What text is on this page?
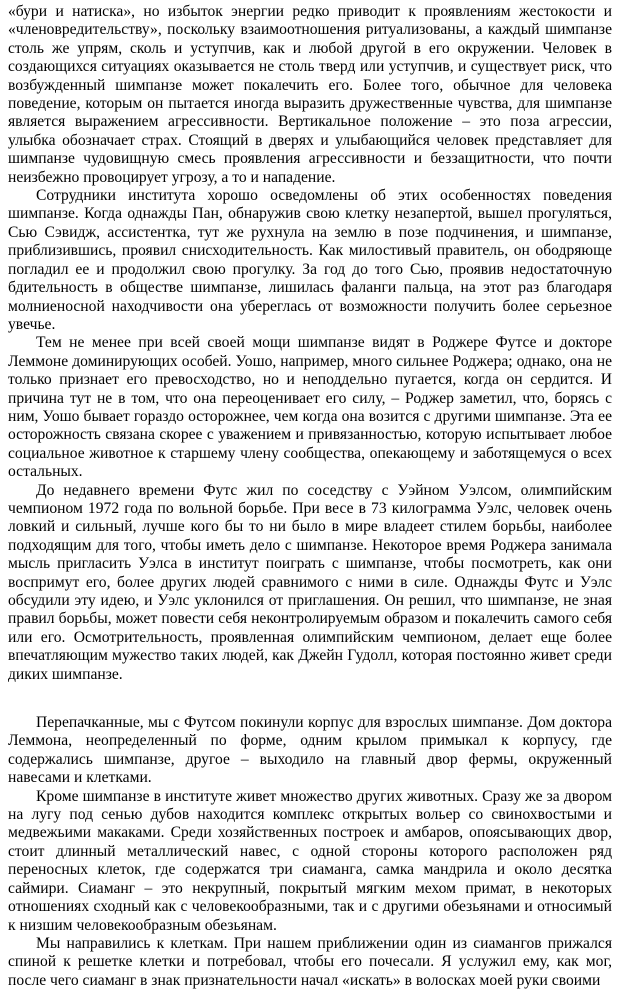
«бури и натиска», но избыток энергии редко приводит к проявлениям жестокости и «членовредительству», поскольку взаимоотношения ритуализованы, а каждый шимпанзе столь же упрям, сколь и уступчив, как и любой другой в его окружении. Человек в создающихся ситуациях оказывается не столь тверд или уступчив, и существует риск, что возбужденный шимпанзе может покалечить его. Более того, обычное для человека поведение, которым он пытается иногда выразить дружественные чувства, для шимпанзе является выражением агрессивности. Вертикальное положение – это поза агрессии, улыбка обозначает страх. Стоящий в дверях и улыбающийся человек представляет для шимпанзе чудовищную смесь проявления агрессивности и беззащитности, что почти неизбежно провоцирует угрозу, а то и нападение.

Сотрудники института хорошо осведомлены об этих особенностях поведения шимпанзе. Когда однажды Пан, обнаружив свою клетку незапертой, вышел прогуляться, Сью Сэвидж, ассистентка, тут же рухнула на землю в позе подчинения, и шимпанзе, приблизившись, проявил снисходительность. Как милостивый правитель, он ободряюще погладил ее и продолжил свою прогулку. За год до того Сью, проявив недостаточную бдительность в обществе шимпанзе, лишилась фаланги пальца, на этот раз благодаря молниеносной находчивости она уберeглась от возможности получить более серьезное увечье.

Тем не менее при всей своей мощи шимпанзе видят в Роджере Футсе и докторе Леммоне доминирующих особей. Уошо, например, много сильнее Роджера; однако, она не только признает его превосходство, но и неподдельно пугается, когда он сердится. И причина тут не в том, что она переоценивает его силу, – Роджер заметил, что, борясь с ним, Уошо бывает гораздо осторожнее, чем когда она возится с другими шимпанзе. Эта ее осторожность связана скорее с уважением и привязанностью, которую испытывает любое социальное животное к старшему члену сообщества, опекающему и заботящемуся о всех остальных.

До недавнего времени Футс жил по соседству с Уэйном Уэлсом, олимпийским чемпионом 1972 года по вольной борьбе. При весе в 73 килограмма Уэлс, человек очень ловкий и сильный, лучше кого бы то ни было в мире владеет стилем борьбы, наиболее подходящим для того, чтобы иметь дело с шимпанзе. Некоторое время Роджера занимала мысль пригласить Уэлса в институт поиграть с шимпанзе, чтобы посмотреть, как они воспримут его, более других людей сравнимого с ними в силе. Однажды Футс и Уэлс обсудили эту идею, и Уэлс уклонился от приглашения. Он решил, что шимпанзе, не зная правил борьбы, может повести себя неконтролируемым образом и покалечить самого себя или его. Осмотрительность, проявленная олимпийским чемпионом, делает еще более впечатляющим мужество таких людей, как Джейн Гудолл, которая постоянно живет среди диких шимпанзе.

Перепачканные, мы с Футсом покинули корпус для взрослых шимпанзе. Дом доктора Леммона, неопределенный по форме, одним крылом примыкал к корпусу, где содержались шимпанзе, другое – выходило на главный двор фермы, окруженный навесами и клетками.

Кроме шимпанзе в институте живет множество других животных. Сразу же за двором на лугу под сенью дубов находится комплекс открытых вольер со свинохвостыми и медвежьими макаками. Среди хозяйственных построек и амбаров, опоясывающих двор, стоит длинный металлический навес, с одной стороны которого расположен ряд переносных клеток, где содержатся три сиаманга, самка мандрила и около десятка саймири. Сиаманг – это некрупный, покрытый мягким мехом примат, в некоторых отношениях сходный как с человекообразными, так и с другими обезьянами и относимый к низшим человекообразным обезьянам.

Мы направились к клеткам. При нашем приближении один из сиамангов прижался спиной к решетке клетки и потребовал, чтобы его почесали. Я услужил ему, как мог, после чего сиаманг в знак признательности начал «искать» в волосках моей руки своими
